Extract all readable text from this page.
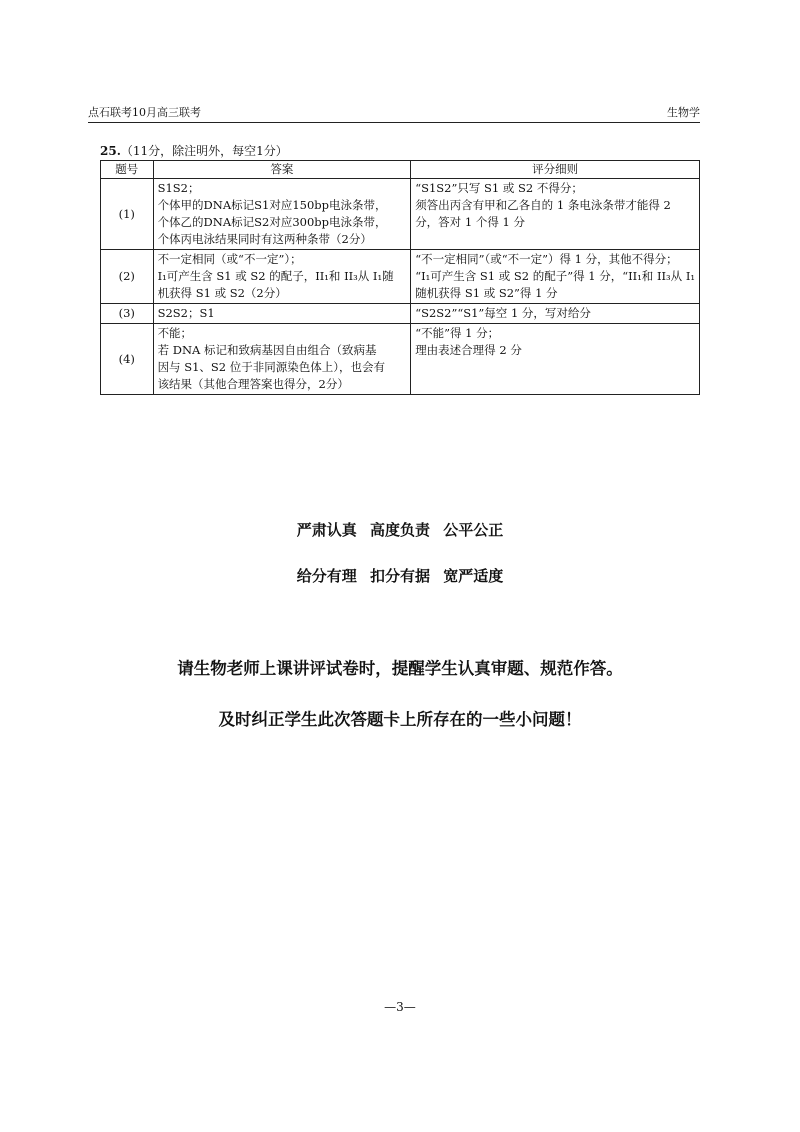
点石联考10月高三联考	生物学
25.（11分，除注明外，每空1分）
题号	答案	评分细则
(1)	S1S2；
个体甲的DNA标记S1对应150bp电泳条带，
个体乙的DNA标记S2对应300bp电泳条带，
个体丙电泳结果同时有这两种条带（2分）	“S1S2”只写 S1 或 S2 不得分；
须答出丙含有甲和乙各自的 1 条电泳条带才能得 2
分，答对 1 个得 1 分

(2)	不一定相同（或“不一定”）；
I₁可产生含 S1 或 S2 的配子，II₁和 II₃从 I₁随
机获得 S1 或 S2（2分）	“不一定相同”（或“不一定”）得 1 分，其他不得分；
“I₁可产生含 S1 或 S2 的配子”得 1 分，“II₁和 II₃从 I₁
随机获得 S1 或 S2”得 1 分

(3)	S2S2；S1	“S2S2”“S1”每空 1 分，写对给分

(4)	不能；
若 DNA 标记和致病基因自由组合（致病基
因与 S1、S2 位于非同源染色体上），也会有
该结果（其他合理答案也得分，2分）	“不能”得 1 分；
理由表述合理得 2 分
严肃认真 高度负责 公平公正
给分有理 扣分有据 宽严适度
请生物老师上课讲评试卷时，提醒学生认真审题、规范作答。
及时纠正学生此次答题卡上所存在的一些小问题！
—3—
